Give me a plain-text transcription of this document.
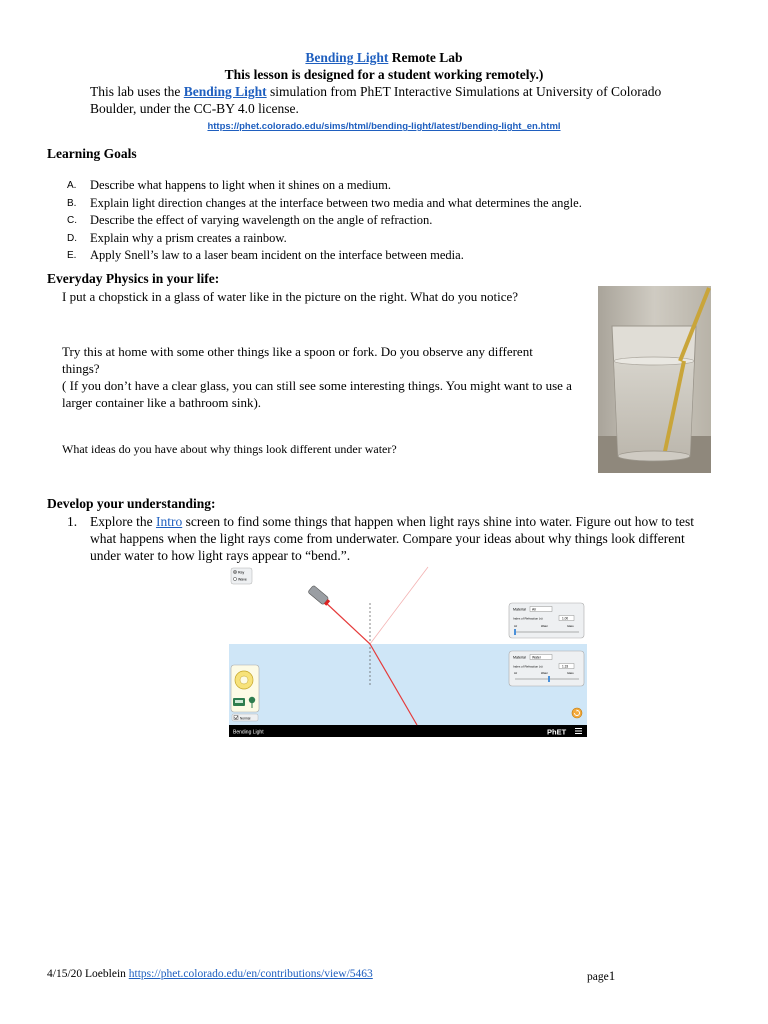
Bending Light Remote Lab
This lesson is designed for a student working remotely.)
This lab uses the Bending Light simulation from PhET Interactive Simulations at University of Colorado Boulder, under the CC-BY 4.0 license.
https://phet.colorado.edu/sims/html/bending-light/latest/bending-light_en.html
Learning Goals
A.	Describe what happens to light when it shines on a medium.
B.	Explain light direction changes at the interface between two media and what determines the angle.
C.	Describe the effect of varying wavelength on the angle of refraction.
D.	Explain why a prism creates a rainbow.
E.	Apply Snell’s law to a laser beam incident on the interface between media.
Everyday Physics in your life:
I put a chopstick in a glass of water like in the picture on the right. What do you notice?
Try this at home with some other things like a spoon or fork. Do you observe any different things?
( If you don’t have a clear glass, you can still see some interesting things. You might want to use a larger container like a bathroom sink).
What ideas do you have about why things look different under water?
Develop your understanding:
1. Explore the Intro screen to find some things that happen when light rays shine into water. Figure out how to test what happens when the light rays come from underwater. Compare your ideas about why things look different under water to how light rays appear to “bend.”.
Ray
Wave
Material Air
Index of Refraction (n)	1.00
Air	Water	Glass
Material Water
Index of Refraction (n)	1.33
Air	Water	Glass
Normal
Bending Light	PhET
4/15/20 Loeblein https://phet.colorado.edu/en/contributions/view/5463	page1
